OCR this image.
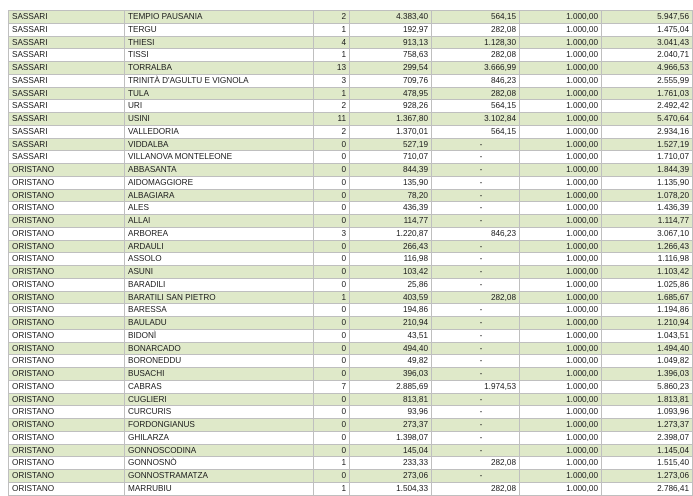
SASSARI	TEMPIO PAUSANIA	2	4.383,40	564,15	1.000,00	5.947,56
SASSARI	TERGU	1	192,97	282,08	1.000,00	1.475,04
SASSARI	THIESI	4	913,13	1.128,30	1.000,00	3.041,43
SASSARI	TISSI	1	758,63	282,08	1.000,00	2.040,71
SASSARI	TORRALBA	13	299,54	3.666,99	1.000,00	4.966,53
SASSARI	TRINITÀ D'AGULTU E VIGNOLA	3	709,76	846,23	1.000,00	2.555,99
SASSARI	TULA	1	478,95	282,08	1.000,00	1.761,03
SASSARI	URI	2	928,26	564,15	1.000,00	2.492,42
SASSARI	USINI	11	1.367,80	3.102,84	1.000,00	5.470,64
SASSARI	VALLEDORIA	2	1.370,01	564,15	1.000,00	2.934,16
SASSARI	VIDDALBA	0	527,19	-	1.000,00	1.527,19
SASSARI	VILLANOVA MONTELEONE	0	710,07	-	1.000,00	1.710,07
ORISTANO	ABBASANTA	0	844,39	-	1.000,00	1.844,39
ORISTANO	AIDOMAGGIORE	0	135,90	-	1.000,00	1.135,90
ORISTANO	ALBAGIARA	0	78,20	-	1.000,00	1.078,20
ORISTANO	ALES	0	436,39	-	1.000,00	1.436,39
ORISTANO	ALLAI	0	114,77	-	1.000,00	1.114,77
ORISTANO	ARBOREA	3	1.220,87	846,23	1.000,00	3.067,10
ORISTANO	ARDAULI	0	266,43	-	1.000,00	1.266,43
ORISTANO	ASSOLO	0	116,98	-	1.000,00	1.116,98
ORISTANO	ASUNI	0	103,42	-	1.000,00	1.103,42
ORISTANO	BARADILI	0	25,86	-	1.000,00	1.025,86
ORISTANO	BARATILI SAN PIETRO	1	403,59	282,08	1.000,00	1.685,67
ORISTANO	BARESSA	0	194,86	-	1.000,00	1.194,86
ORISTANO	BAULADU	0	210,94	-	1.000,00	1.210,94
ORISTANO	BIDONÌ	0	43,51	-	1.000,00	1.043,51
ORISTANO	BONARCADO	0	494,40	-	1.000,00	1.494,40
ORISTANO	BORONEDDU	0	49,82	-	1.000,00	1.049,82
ORISTANO	BUSACHI	0	396,03	-	1.000,00	1.396,03
ORISTANO	CABRAS	7	2.885,69	1.974,53	1.000,00	5.860,23
ORISTANO	CUGLIERI	0	813,81	-	1.000,00	1.813,81
ORISTANO	CURCURIS	0	93,96	-	1.000,00	1.093,96
ORISTANO	FORDONGIANUS	0	273,37	-	1.000,00	1.273,37
ORISTANO	GHILARZA	0	1.398,07	-	1.000,00	2.398,07
ORISTANO	GONNOSCODINA	0	145,04	-	1.000,00	1.145,04
ORISTANO	GONNOSNÒ	1	233,33	282,08	1.000,00	1.515,40
ORISTANO	GONNOSTRAMATZA	0	273,06	-	1.000,00	1.273,06
ORISTANO	MARRUBIU	1	1.504,33	282,08	1.000,00	2.786,41
